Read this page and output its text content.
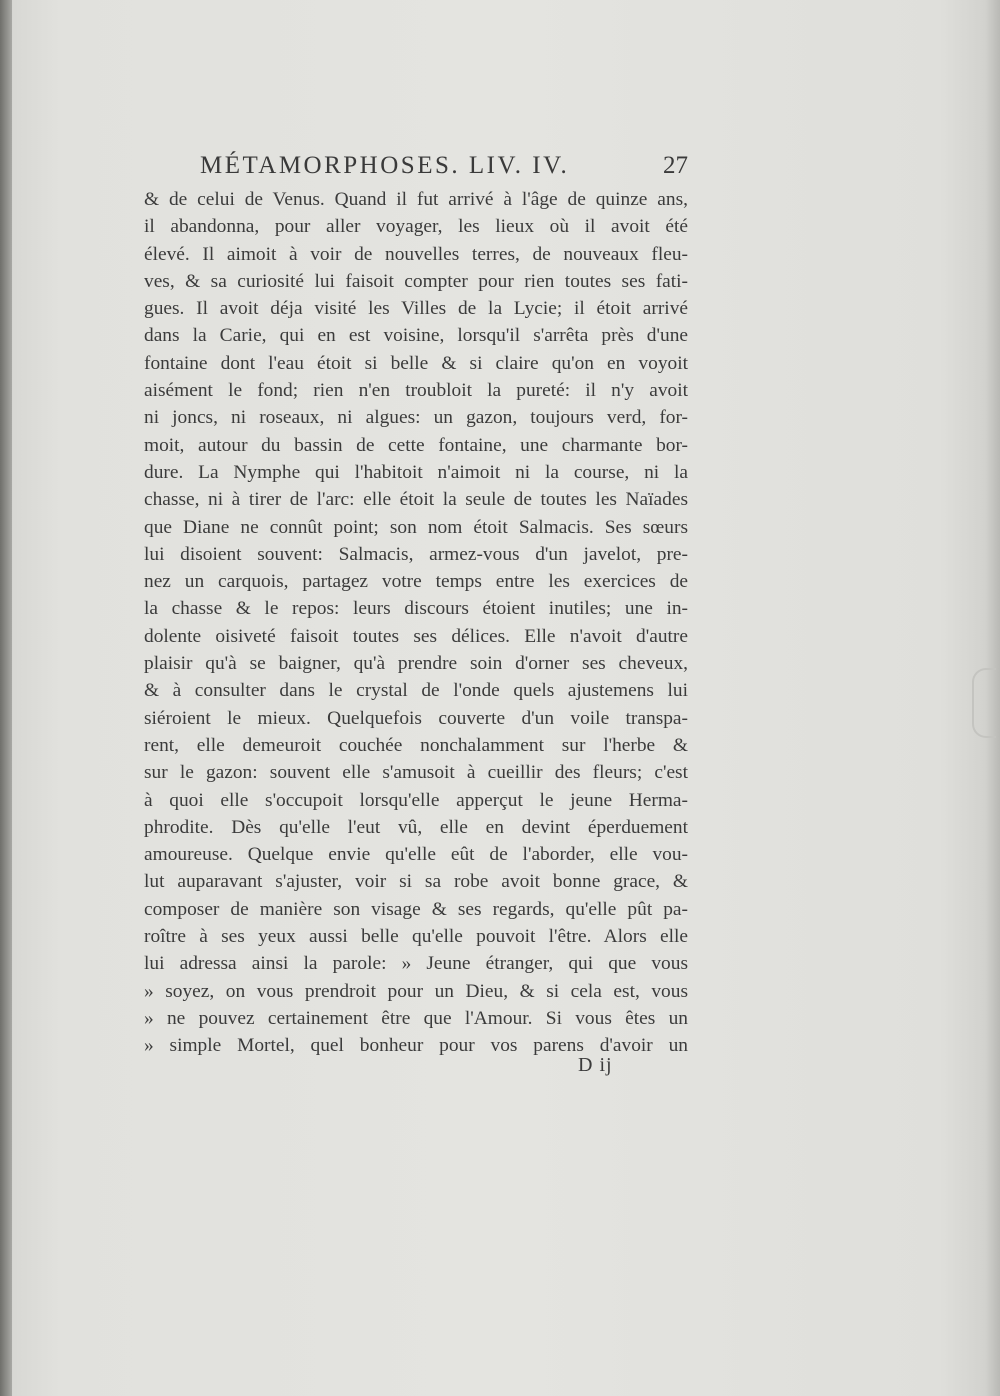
MÉTAMORPHOSES. LIV. IV.	27
& de celui de Venus. Quand il fut arrivé à l'âge de quinze ans,
il abandonna, pour aller voyager, les lieux où il avoit été
élevé. Il aimoit à voir de nouvelles terres, de nouveaux fleu-
ves, & sa curiosité lui faisoit compter pour rien toutes ses fati-
gues. Il avoit déja visité les Villes de la Lycie; il étoit arrivé
dans la Carie, qui en est voisine, lorsqu'il s'arrêta près d'une
fontaine dont l'eau étoit si belle & si claire qu'on en voyoit
aisément le fond; rien n'en troubloit la pureté: il n'y avoit
ni joncs, ni roseaux, ni algues: un gazon, toujours verd, for-
moit, autour du bassin de cette fontaine, une charmante bor-
dure. La Nymphe qui l'habitoit n'aimoit ni la course, ni la
chasse, ni à tirer de l'arc: elle étoit la seule de toutes les Naïades
que Diane ne connût point; son nom étoit Salmacis. Ses sœurs
lui disoient souvent: Salmacis, armez-vous d'un javelot, pre-
nez un carquois, partagez votre temps entre les exercices de
la chasse & le repos: leurs discours étoient inutiles; une in-
dolente oisiveté faisoit toutes ses délices. Elle n'avoit d'autre
plaisir qu'à se baigner, qu'à prendre soin d'orner ses cheveux,
& à consulter dans le crystal de l'onde quels ajustemens lui
siéroient le mieux. Quelquefois couverte d'un voile transpa-
rent, elle demeuroit couchée nonchalamment sur l'herbe &
sur le gazon: souvent elle s'amusoit à cueillir des fleurs; c'est
à quoi elle s'occupoit lorsqu'elle apperçut le jeune Herma-
phrodite. Dès qu'elle l'eut vû, elle en devint éperduement
amoureuse. Quelque envie qu'elle eût de l'aborder, elle vou-
lut auparavant s'ajuster, voir si sa robe avoit bonne grace, &
composer de manière son visage & ses regards, qu'elle pût pa-
roître à ses yeux aussi belle qu'elle pouvoit l'être. Alors elle
lui adressa ainsi la parole: » Jeune étranger, qui que vous
» soyez, on vous prendroit pour un Dieu, & si cela est, vous
» ne pouvez certainement être que l'Amour. Si vous êtes un
» simple Mortel, quel bonheur pour vos parens d'avoir un
D ij
